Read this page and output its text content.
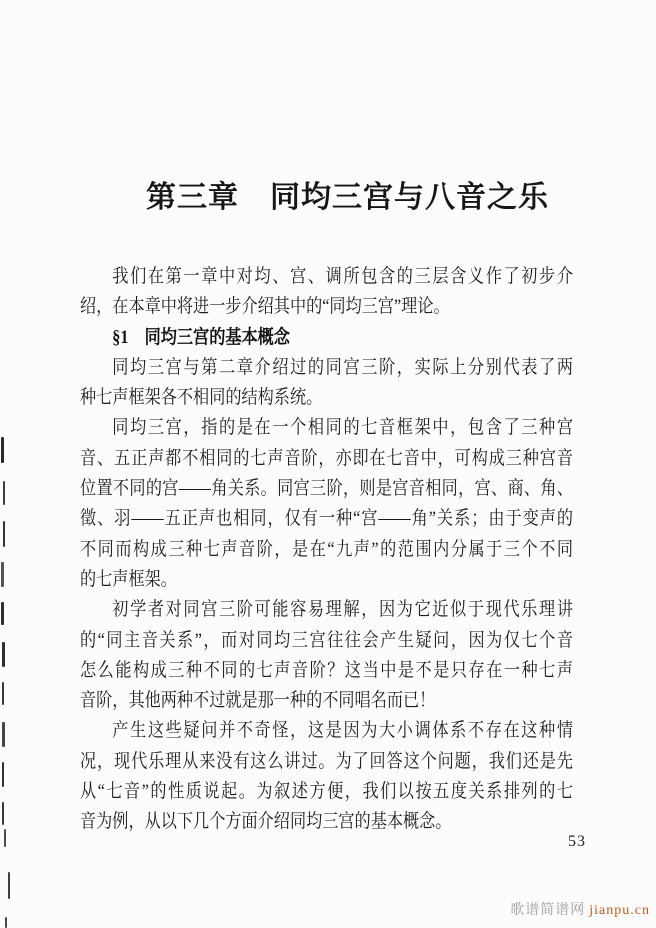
第三章　同均三宫与八音之乐
我们在第一章中对均、宫、调所包含的三层含义作了初步介
绍，在本章中将进一步介绍其中的“同均三宫”理论。
§1　同均三宫的基本概念
同均三宫与第二章介绍过的同宫三阶，实际上分别代表了两
种七声框架各不相同的结构系统。
同均三宫，指的是在一个相同的七音框架中，包含了三种宫
音、五正声都不相同的七声音阶，亦即在七音中，可构成三种宫音
位置不同的宫——角关系。同宫三阶，则是宫音相同，宫、商、角、
徵、羽——五正声也相同，仅有一种“宫——角”关系；由于变声的
不同而构成三种七声音阶，是在“九声”的范围内分属于三个不同
的七声框架。
初学者对同宫三阶可能容易理解，因为它近似于现代乐理讲
的“同主音关系”，而对同均三宫往往会产生疑问，因为仅七个音
怎么能构成三种不同的七声音阶？这当中是不是只存在一种七声
音阶，其他两种不过就是那一种的不同唱名而已！
产生这些疑问并不奇怪，这是因为大小调体系不存在这种情
况，现代乐理从来没有这么讲过。为了回答这个问题，我们还是先
从“七音”的性质说起。为叙述方便，我们以按五度关系排列的七
音为例，从以下几个方面介绍同均三宫的基本概念。
53
歌谱简谱网 jianpu.cn
